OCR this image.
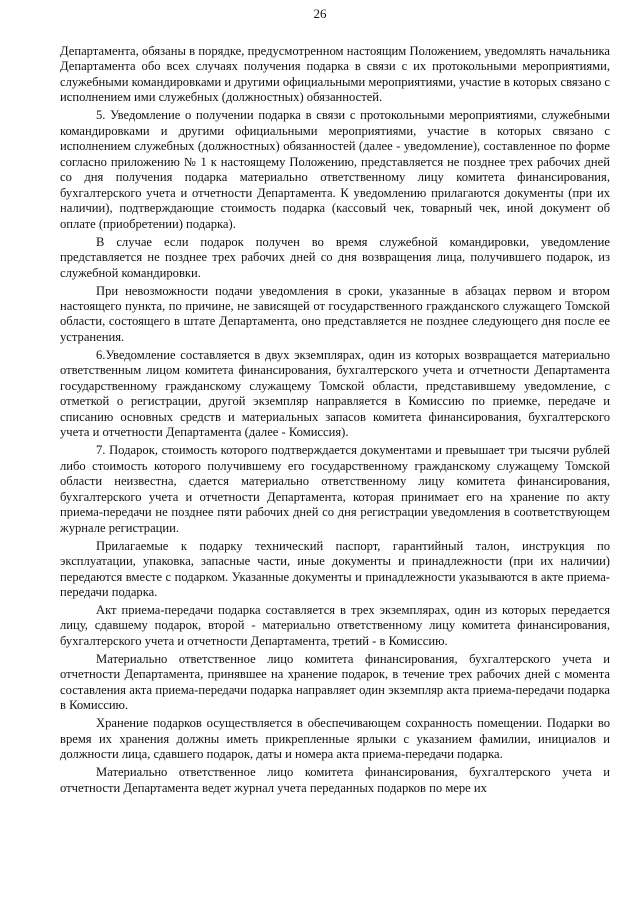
26

Департамента, обязаны в порядке, предусмотренном настоящим Положением, уведомлять начальника Департамента обо всех случаях получения подарка в связи с их протокольными мероприятиями, служебными командировками и другими официальными мероприятиями, участие в которых связано с исполнением ими служебных (должностных) обязанностей.

5. Уведомление о получении подарка в связи с протокольными мероприятиями, служебными командировками и другими официальными мероприятиями, участие в которых связано с исполнением служебных (должностных) обязанностей (далее - уведомление), составленное по форме согласно приложению № 1 к настоящему Положению, представляется не позднее трех рабочих дней со дня получения подарка материально ответственному лицу комитета финансирования, бухгалтерского учета и отчетности Департамента. К уведомлению прилагаются документы (при их наличии), подтверждающие стоимость подарка (кассовый чек, товарный чек, иной документ об оплате (приобретении) подарка).

В случае если подарок получен во время служебной командировки, уведомление представляется не позднее трех рабочих дней со дня возвращения лица, получившего подарок, из служебной командировки.

При невозможности подачи уведомления в сроки, указанные в абзацах первом и втором настоящего пункта, по причине, не зависящей от государственного гражданского служащего Томской области, состоящего в штате Департамента, оно представляется не позднее следующего дня после ее устранения.

6.Уведомление составляется в двух экземплярах, один из которых возвращается материально ответственным лицом комитета финансирования, бухгалтерского учета и отчетности Департамента государственному гражданскому служащему Томской области, представившему уведомление, с отметкой о регистрации, другой экземпляр направляется в Комиссию по приемке, передаче и списанию основных средств и материальных запасов комитета финансирования, бухгалтерского учета и отчетности Департамента (далее - Комиссия).

7. Подарок, стоимость которого подтверждается документами и превышает три тысячи рублей либо стоимость которого получившему его государственному гражданскому служащему Томской области неизвестна, сдается материально ответственному лицу комитета финансирования, бухгалтерского учета и отчетности Департамента, которая принимает его на хранение по акту приема-передачи не позднее пяти рабочих дней со дня регистрации уведомления в соответствующем журнале регистрации.

Прилагаемые к подарку технический паспорт, гарантийный талон, инструкция по эксплуатации, упаковка, запасные части, иные документы и принадлежности (при их наличии) передаются вместе с подарком. Указанные документы и принадлежности указываются в акте приема-передачи подарка.

Акт приема-передачи подарка составляется в трех экземплярах, один из которых передается лицу, сдавшему подарок, второй - материально ответственному лицу комитета финансирования, бухгалтерского учета и отчетности Департамента, третий - в Комиссию.

Материально ответственное лицо комитета финансирования, бухгалтерского учета и отчетности Департамента, принявшее на хранение подарок, в течение трех рабочих дней с момента составления акта приема-передачи подарка направляет один экземпляр акта приема-передачи подарка в Комиссию.

Хранение подарков осуществляется в обеспечивающем сохранность помещении. Подарки во время их хранения должны иметь прикрепленные ярлыки с указанием фамилии, инициалов и должности лица, сдавшего подарок, даты и номера акта приема-передачи подарка.

Материально ответственное лицо комитета финансирования, бухгалтерского учета и отчетности Департамента ведет журнал учета переданных подарков по мере их
